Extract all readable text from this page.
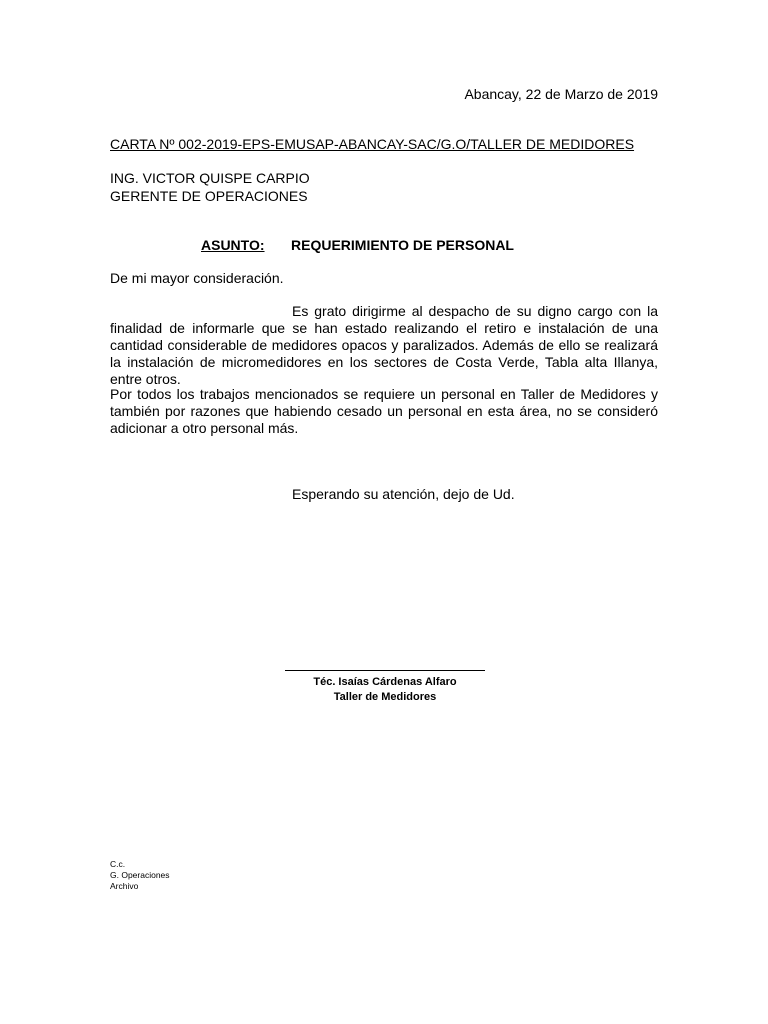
Abancay, 22 de Marzo de 2019
CARTA Nº 002-2019-EPS-EMUSAP-ABANCAY-SAC/G.O/TALLER DE MEDIDORES
ING. VICTOR QUISPE CARPIO
GERENTE DE OPERACIONES
ASUNTO: REQUERIMIENTO DE PERSONAL
De mi mayor consideración.

Es grato dirigirme al despacho de su digno cargo con la finalidad de informarle que se han estado realizando el retiro e instalación de una cantidad considerable de medidores opacos y paralizados. Además de ello se realizará la instalación de micromedidores en los sectores de Costa Verde, Tabla alta Illanya, entre otros.

Por todos los trabajos mencionados se requiere un personal en Taller de Medidores y también por razones que habiendo cesado un personal en esta área, no se consideró adicionar a otro personal más.

Esperando su atención, dejo de Ud.
Téc. Isaías Cárdenas Alfaro
Taller de Medidores
C.c.
G. Operaciones
Archivo
